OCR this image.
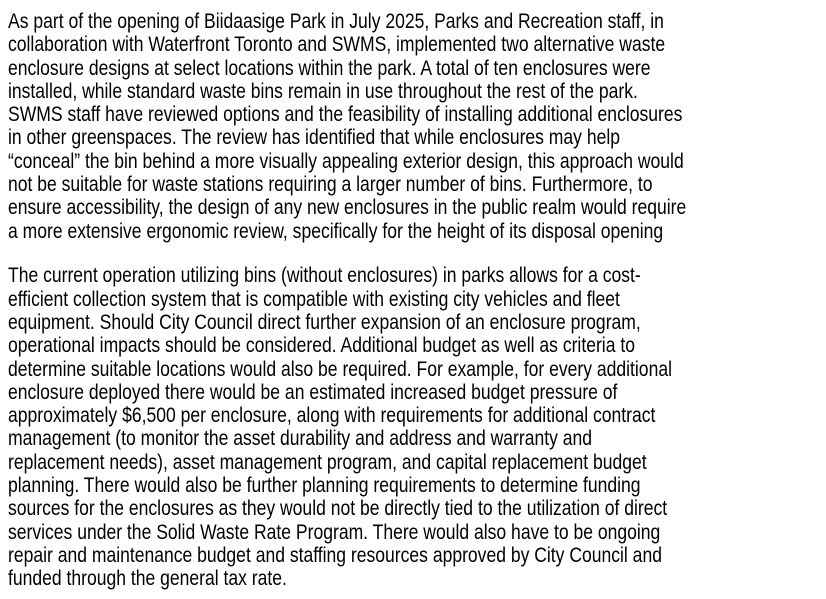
As part of the opening of Biidaasige Park in July 2025, Parks and Recreation staff, in
collaboration with Waterfront Toronto and SWMS, implemented two alternative waste
enclosure designs at select locations within the park. A total of ten enclosures were
installed, while standard waste bins remain in use throughout the rest of the park.
SWMS staff have reviewed options and the feasibility of installing additional enclosures
in other greenspaces. The review has identified that while enclosures may help
“conceal” the bin behind a more visually appealing exterior design, this approach would
not be suitable for waste stations requiring a larger number of bins. Furthermore, to
ensure accessibility, the design of any new enclosures in the public realm would require
a more extensive ergonomic review, specifically for the height of its disposal opening

The current operation utilizing bins (without enclosures) in parks allows for a cost-
efficient collection system that is compatible with existing city vehicles and fleet
equipment. Should City Council direct further expansion of an enclosure program,
operational impacts should be considered. Additional budget as well as criteria to
determine suitable locations would also be required. For example, for every additional
enclosure deployed there would be an estimated increased budget pressure of
approximately $6,500 per enclosure, along with requirements for additional contract
management (to monitor the asset durability and address and warranty and
replacement needs), asset management program, and capital replacement budget
planning. There would also be further planning requirements to determine funding
sources for the enclosures as they would not be directly tied to the utilization of direct
services under the Solid Waste Rate Program. There would also have to be ongoing
repair and maintenance budget and staffing resources approved by City Council and
funded through the general tax rate.
